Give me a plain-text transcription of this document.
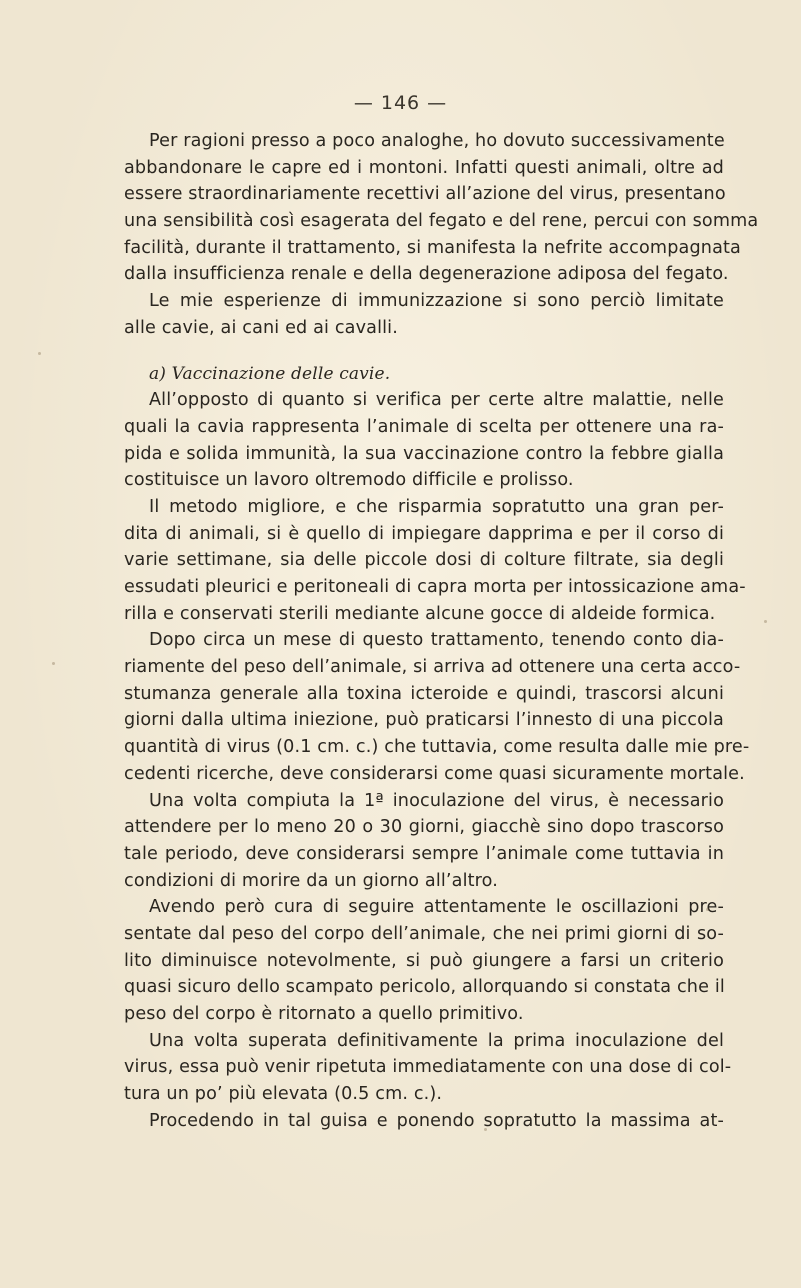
— 146 —
Per ragioni presso a poco analoghe, ho dovuto successivamente
abbandonare le capre ed i montoni. Infatti questi animali, oltre ad
essere straordinariamente recettivi all’azione del virus, presentano
una sensibilità così esagerata del fegato e del rene, percui con somma
facilità, durante il trattamento, si manifesta la nefrite accompagnata
dalla insufficienza renale e della degenerazione adiposa del fegato.
Le mie esperienze di immunizzazione si sono perciò limitate
alle cavie, ai cani ed ai cavalli.
a) Vaccinazione delle cavie.
All’opposto di quanto si verifica per certe altre malattie, nelle
quali la cavia rappresenta l’animale di scelta per ottenere una ra-
pida e solida immunità, la sua vaccinazione contro la febbre gialla
costituisce un lavoro oltremodo difficile e prolisso.
Il metodo migliore, e che risparmia sopratutto una gran per-
dita di animali, si è quello di impiegare dapprima e per il corso di
varie settimane, sia delle piccole dosi di colture filtrate, sia degli
essudati pleurici e peritoneali di capra morta per intossicazione ama-
rilla e conservati sterili mediante alcune gocce di aldeide formica.
Dopo circa un mese di questo trattamento, tenendo conto dia-
riamente del peso dell’animale, si arriva ad ottenere una certa acco-
stumanza generale alla toxina icteroide e quindi, trascorsi alcuni
giorni dalla ultima iniezione, può praticarsi l’innesto di una piccola
quantità di virus (0.1 cm. c.) che tuttavia, come resulta dalle mie pre-
cedenti ricerche, deve considerarsi come quasi sicuramente mortale.
Una volta compiuta la 1ª inoculazione del virus, è necessario
attendere per lo meno 20 o 30 giorni, giacchè sino dopo trascorso
tale periodo, deve considerarsi sempre l’animale come tuttavia in
condizioni di morire da un giorno all’altro.
Avendo però cura di seguire attentamente le oscillazioni pre-
sentate dal peso del corpo dell’animale, che nei primi giorni di so-
lito diminuisce notevolmente, si può giungere a farsi un criterio
quasi sicuro dello scampato pericolo, allorquando si constata che il
peso del corpo è ritornato a quello primitivo.
Una volta superata definitivamente la prima inoculazione del
virus, essa può venir ripetuta immediatamente con una dose di col-
tura un po’ più elevata (0.5 cm. c.).
Procedendo in tal guisa e ponendo sopratutto la massima at-
